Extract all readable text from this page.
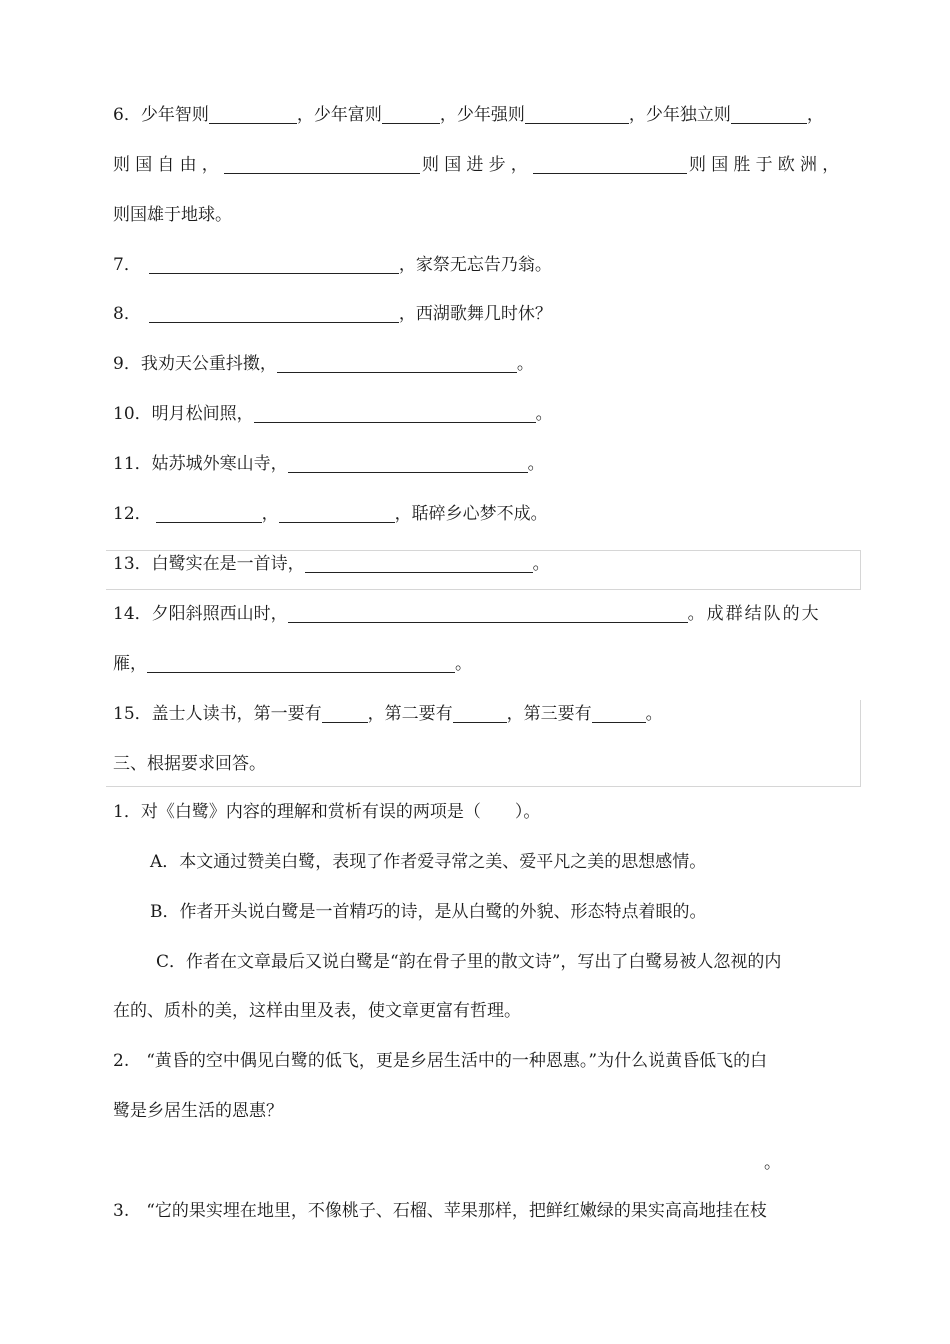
6．少年智则	，少年富则	，少年强则	，少年独立则	，
则国自由，	则国进步，	则国胜于欧洲，
则国雄于地球。
7．	，家祭无忘告乃翁。
8．	，西湖歌舞几时休？
9．我劝天公重抖擞，	。
10．明月松间照，	。
11．姑苏城外寒山寺，	。
12．	，	，聒碎乡心梦不成。
13．白鹭实在是一首诗，	。
14．夕阳斜照西山时，	。成群结队的大
雁，	。
15．盖士人读书，第一要有	，第二要有	，第三要有	。
三、根据要求回答。
1．对《白鹭》内容的理解和赏析有误的两项是（　　）。
A．本文通过赞美白鹭，表现了作者爱寻常之美、爱平凡之美的思想感情。
B．作者开头说白鹭是一首精巧的诗，是从白鹭的外貌、形态特点着眼的。
C．作者在文章最后又说白鹭是“韵在骨子里的散文诗”，写出了白鹭易被人忽视的内
在的、质朴的美，这样由里及表，使文章更富有哲理。
2.　“黄昏的空中偶见白鹭的低飞，更是乡居生活中的一种恩惠。”为什么说黄昏低飞的白
鹭是乡居生活的恩惠？
。
3.　“它的果实埋在地里，不像桃子、石榴、苹果那样，把鲜红嫩绿的果实高高地挂在枝
